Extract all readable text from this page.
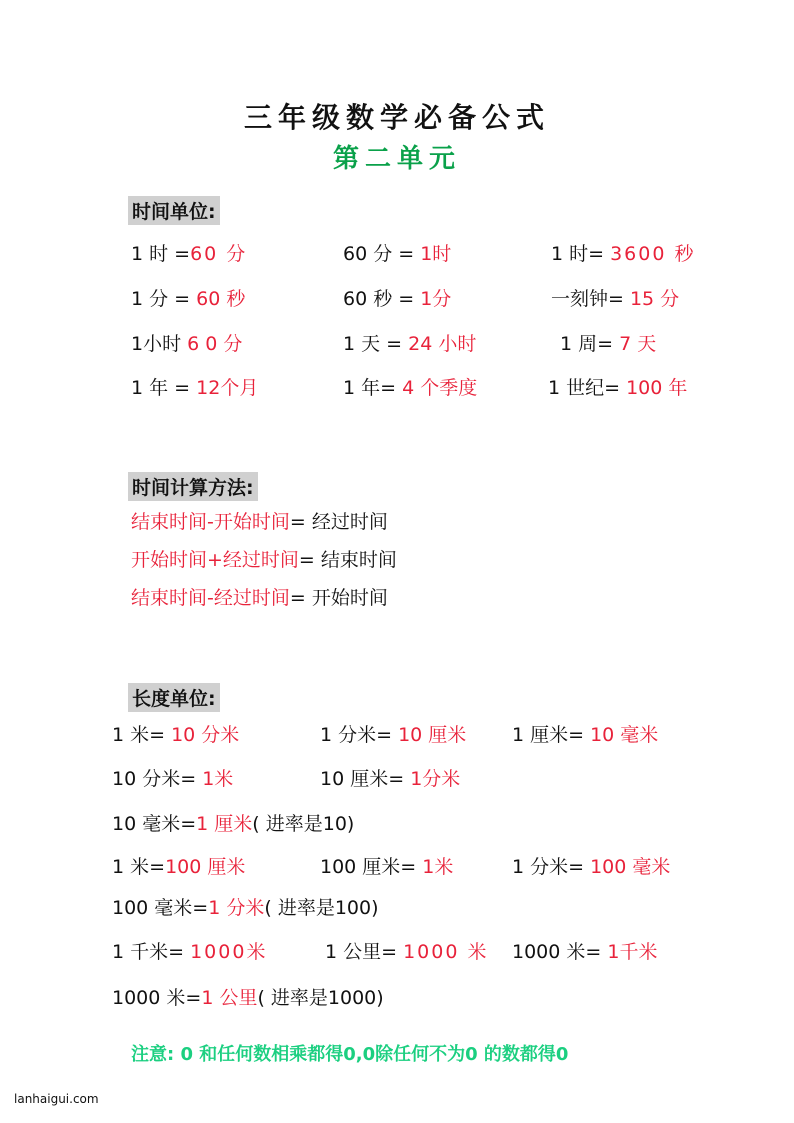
三年级数学必备公式
第二单元
时间单位:
1 时 =60 分	60 分 = 1时	1 时= 3600 秒
1 分 = 60 秒	60 秒 = 1分	一刻钟= 15 分
1小时 6 0 分	1 天 = 24 小时	1 周= 7 天
1 年 = 12个月	1 年= 4 个季度	1 世纪= 100 年
时间计算方法:
结束时间-开始时间= 经过时间
开始时间+经过时间= 结束时间
结束时间-经过时间= 开始时间
长度单位:
1 米= 10 分米	1 分米= 10 厘米 1 厘米= 10 毫米
10 分米= 1米	10 厘米= 1分米
10 毫米=1 厘米( 进率是10)
1 米=100 厘米	100 厘米= 1米	1 分米= 100 毫米
100 毫米=1 分米( 进率是100)
1 千米= 1000米	1 公里= 1000 米 1000 米= 1千米
1000 米=1 公里( 进率是1000)
注意: 0 和任何数相乘都得0,0除任何不为0 的数都得0
lanhaigui.com
